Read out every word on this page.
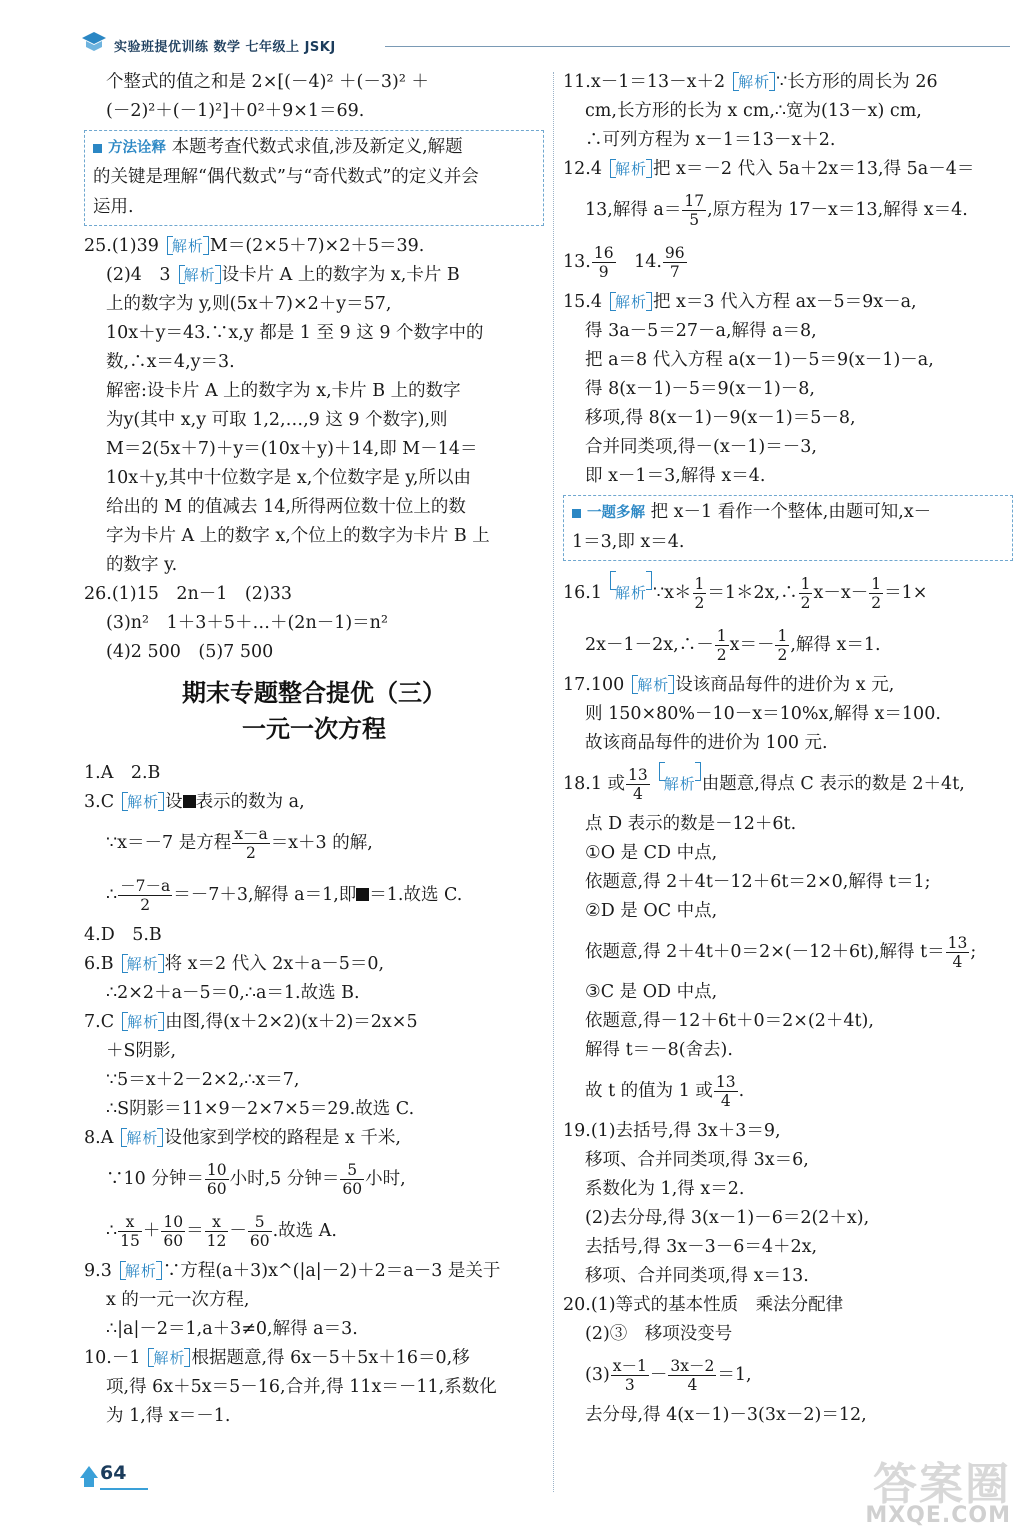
实验班提优训练 数学 七年级上 JSKJ
个整式的值之和是 2×[(－4)² ＋(－3)² ＋
(－2)²＋(－1)²]＋0²＋9×1＝69.
方法诠释 本题考查代数式求值,涉及新定义,解题
的关键是理解“偶代数式”与“奇代数式”的定义并会
运用.
25.(1)39 解析 M＝(2×5＋7)×2＋5＝39.
(2)4　3 解析 设卡片 A 上的数字为 x,卡片 B
上的数字为 y,则(5x＋7)×2＋y＝57,
10x＋y＝43.∵x,y 都是 1 至 9 这 9 个数字中的
数,∴x＝4,y＝3.
解密:设卡片 A 上的数字为 x,卡片 B 上的数字
为y(其中 x,y 可取 1,2,…,9 这 9 个数字),则
M＝2(5x＋7)＋y＝(10x＋y)＋14,即 M－14＝
10x＋y,其中十位数字是 x,个位数字是 y,所以由
给出的 M 的值减去 14,所得两位数十位上的数
字为卡片 A 上的数字 x,个位上的数字为卡片 B 上
的数字 y.
26.(1)15　2n－1　(2)33
(3)n²　1＋3＋5＋…＋(2n－1)＝n²
(4)2 500　(5)7 500
期末专题整合提优（三）
一元一次方程
1.A　2.B
3.C 解析 设 表示的数为 a,
∵x＝－7 是方程 $\frac{x-a}{2} =x+3$ 的解,
∴ $\frac{-7-a}{2} =-7+3$,解得 a＝1,即 ＝1.故选 C.
4.D　5.B
6.B 解析 将 x＝2 代入 2x＋a－5＝0,
∴2×2＋a－5＝0,∴a＝1.故选 B.
7.C 解析 由图,得(x＋2×2)(x＋2)＝2x×5
＋S阴影,
∵5＝x＋2－2×2,∴x＝7,
∴S阴影＝11×9－2×7×5＝29.故选 C.
8.A 解析 设他家到学校的路程是 x 千米,
∵10 分钟＝ $\frac{10}{60}$ 小时,5 分钟＝ $\frac{5}{60}$ 小时,
∴ $\frac{x}{15} + \frac{10}{60} = \frac{x}{12} - \frac{5}{60}$ .故选 A.
9.3 解析 ∵方程(a＋3)x^(|a|－2)＋2＝a－3 是关于
x 的一元一次方程,
∴|a|－2＝1,a＋3≠0,解得 a＝3.
10.－1 解析 根据题意,得 6x－5＋5x＋16＝0,移
项,得 6x＋5x＝5－16,合并,得 11x＝－11,系数化
为 1,得 x＝－1.
11.x－1＝13－x＋2 解析 ∵长方形的周长为 26
cm,长方形的长为 x cm,∴宽为(13－x) cm,
∴可列方程为 x－1＝13－x＋2.
12.4 解析 把 x＝－2 代入 5a＋2x＝13,得 5a－4＝
13,解得 $a= \frac{17}{5}$ ,原方程为 17－x＝13,解得 x＝4.
13. $\frac{16}{9}$ 　14. $\frac{96}{7}$
15.4 解析 把 x＝3 代入方程 ax－5＝9x－a,
得 3a－5＝27－a,解得 a＝8,
把 a＝8 代入方程 a(x－1)－5＝9(x－1)－a,
得 8(x－1)－5＝9(x－1)－8,
移项,得 8(x－1)－9(x－1)＝5－8,
合并同类项,得－(x－1)＝－3,
即 x－1＝3,解得 x＝4.
一题多解 把 x－1 看作一个整体,由题可知,x－
1＝3,即 x＝4.
16.1 解析 ∵x＊ $\frac{1}{2}$ ＝1＊2x,∴ $\frac{1}{2} x-x- \frac{1}{2} =1\times$
2x－1－2x,∴－ $\frac{1}{2} x=- \frac{1}{2}$ ,解得 x＝1.
17.100 解析 设该商品每件的进价为 x 元,
则 150×80%－10－x＝10%x,解得 x＝100.
故该商品每件的进价为 100 元.
18.1 或 $\frac{13}{4}$ 解析 由题意,得点 C 表示的数是 2＋4t,
点 D 表示的数是－12＋6t.
①O 是 CD 中点,
依题意,得 2＋4t－12＋6t＝2×0,解得 t＝1;
②D 是 OC 中点,
依题意,得 2＋4t＋0＝2×(－12＋6t),解得 $t= \frac{13}{4}$ ;
③C 是 OD 中点,
依题意,得－12＋6t＋0＝2×(2＋4t),
解得 t＝－8(舍去).
故 t 的值为 1 或 $\frac{13}{4}$ .
19.(1)去括号,得 3x＋3＝9,
移项、合并同类项,得 3x＝6,
系数化为 1,得 x＝2.
(2)去分母,得 3(x－1)－6＝2(2＋x),
去括号,得 3x－3－6＝4＋2x,
移项、合并同类项,得 x＝13.
20.(1)等式的基本性质　乘法分配律
(2)③　移项没变号
$(3) \frac{x-1}{3} - \frac{3x-2}{4} =1$,
去分母,得 4(x－1)－3(3x－2)＝12,
64	答案圈
MXQE.COM
